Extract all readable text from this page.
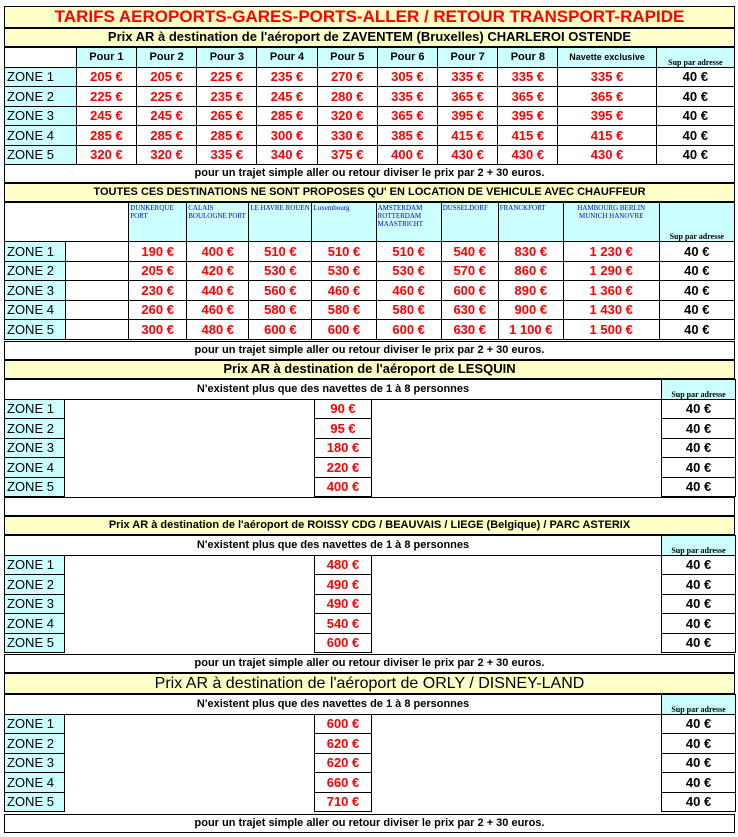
TARIFS AEROPORTS-GARES-PORTS-ALLER / RETOUR TRANSPORT-RAPIDE
Prix AR à destination de l'aéroport de ZAVENTEM (Bruxelles) CHARLEROI OSTENDE
	Pour 1	Pour 2	Pour 3	Pour 4	Pour 5	Pour 6	Pour 7	Pour 8	Navette exclusive	Sup par adresse
ZONE 1	205 €	205 €	225 €	235 €	270 €	305 €	335 €	335 €	335 €	40 €
ZONE 2	225 €	225 €	235 €	245 €	280 €	335 €	365 €	365 €	365 €	40 €
ZONE 3	245 €	245 €	265 €	285 €	320 €	365 €	395 €	395 €	395 €	40 €
ZONE 4	285 €	285 €	285 €	300 €	330 €	385 €	415 €	415 €	415 €	40 €
ZONE 5	320 €	320 €	335 €	340 €	375 €	400 €	430 €	430 €	430 €	40 €
pour un trajet simple aller ou retour diviser le prix par 2 + 30 euros.
TOUTES CES DESTINATIONS NE SONT PROPOSES QU' EN LOCATION DE VEHICULE AVEC CHAUFFEUR
		DUNKERQUE PORT	CALAIS BOULOGNE PORT	LE HAVRE ROUEN	Luxembourg	AMSTERDAM ROTTERDAM MAASTRICHT	DUSSELDORF	FRANCKFORT	HAMBOURG BERLIN MUNICH HANOVRE	Sup par adresse
ZONE 1		190 €	400 €	510 €	510 €	510 €	540 €	830 €	1 230 €	40 €
ZONE 2		205 €	420 €	530 €	530 €	530 €	570 €	860 €	1 290 €	40 €
ZONE 3		230 €	440 €	560 €	460 €	460 €	600 €	890 €	1 360 €	40 €
ZONE 4		260 €	460 €	580 €	580 €	580 €	630 €	900 €	1 430 €	40 €
ZONE 5		300 €	480 €	600 €	600 €	600 €	630 €	1 100 €	1 500 €	40 €
pour un trajet simple aller ou retour diviser le prix par 2 + 30 euros.
Prix AR à destination de l'aéroport de LESQUIN
N'existent plus que des navettes de 1 à 8 personnes				Sup par adresse
ZONE 1		90 €		40 €
ZONE 2		95 €		40 €
ZONE 3		180 €		40 €
ZONE 4		220 €		40 €
ZONE 5		400 €		40 €
Prix AR à destination de l'aéroport de ROISSY CDG / BEAUVAIS / LIEGE (Belgique) / PARC ASTERIX
N'existent plus que des navettes de 1 à 8 personnes				Sup par adresse
ZONE 1		480 €		40 €
ZONE 2		490 €		40 €
ZONE 3		490 €		40 €
ZONE 4		540 €		40 €
ZONE 5		600 €		40 €
pour un trajet simple aller ou retour diviser le prix par 2 + 30 euros.
Prix AR à destination de l'aéroport de ORLY / DISNEY-LAND
N'existent plus que des navettes de 1 à 8 personnes				Sup par adresse
ZONE 1		600 €		40 €
ZONE 2		620 €		40 €
ZONE 3		620 €		40 €
ZONE 4		660 €		40 €
ZONE 5		710 €		40 €
pour un trajet simple aller ou retour diviser le prix par 2 + 30 euros.
